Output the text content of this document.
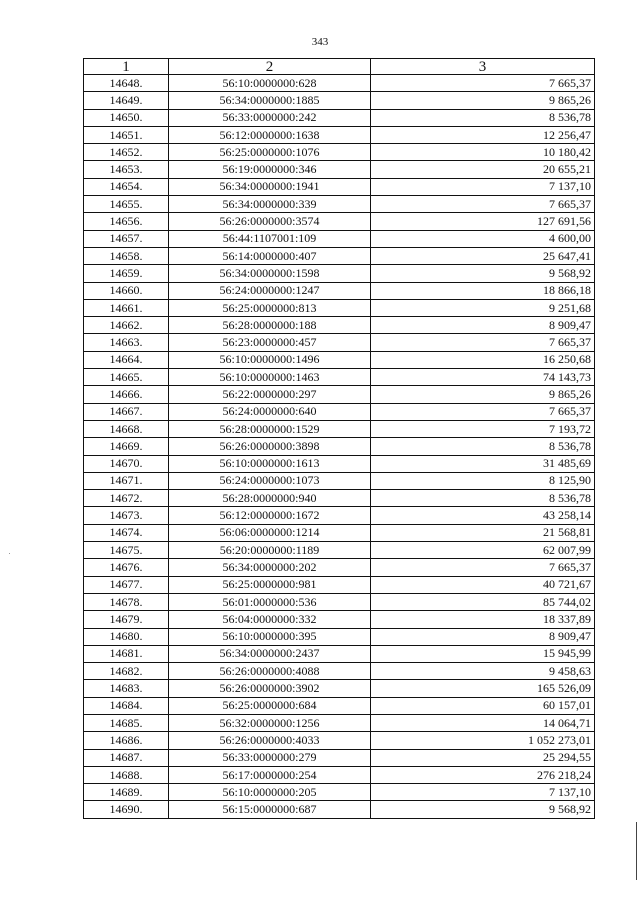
343
1	2	3
14648.	56:10:0000000:628	7 665,37
14649.	56:34:0000000:1885	9 865,26
14650.	56:33:0000000:242	8 536,78
14651.	56:12:0000000:1638	12 256,47
14652.	56:25:0000000:1076	10 180,42
14653.	56:19:0000000:346	20 655,21
14654.	56:34:0000000:1941	7 137,10
14655.	56:34:0000000:339	7 665,37
14656.	56:26:0000000:3574	127 691,56
14657.	56:44:1107001:109	4 600,00
14658.	56:14:0000000:407	25 647,41
14659.	56:34:0000000:1598	9 568,92
14660.	56:24:0000000:1247	18 866,18
14661.	56:25:0000000:813	9 251,68
14662.	56:28:0000000:188	8 909,47
14663.	56:23:0000000:457	7 665,37
14664.	56:10:0000000:1496	16 250,68
14665.	56:10:0000000:1463	74 143,73
14666.	56:22:0000000:297	9 865,26
14667.	56:24:0000000:640	7 665,37
14668.	56:28:0000000:1529	7 193,72
14669.	56:26:0000000:3898	8 536,78
14670.	56:10:0000000:1613	31 485,69
14671.	56:24:0000000:1073	8 125,90
14672.	56:28:0000000:940	8 536,78
14673.	56:12:0000000:1672	43 258,14
14674.	56:06:0000000:1214	21 568,81
14675.	56:20:0000000:1189	62 007,99
14676.	56:34:0000000:202	7 665,37
14677.	56:25:0000000:981	40 721,67
14678.	56:01:0000000:536	85 744,02
14679.	56:04:0000000:332	18 337,89
14680.	56:10:0000000:395	8 909,47
14681.	56:34:0000000:2437	15 945,99
14682.	56:26:0000000:4088	9 458,63
14683.	56:26:0000000:3902	165 526,09
14684.	56:25:0000000:684	60 157,01
14685.	56:32:0000000:1256	14 064,71
14686.	56:26:0000000:4033	1 052 273,01
14687.	56:33:0000000:279	25 294,55
14688.	56:17:0000000:254	276 218,24
14689.	56:10:0000000:205	7 137,10
14690.	56:15:0000000:687	9 568,92
